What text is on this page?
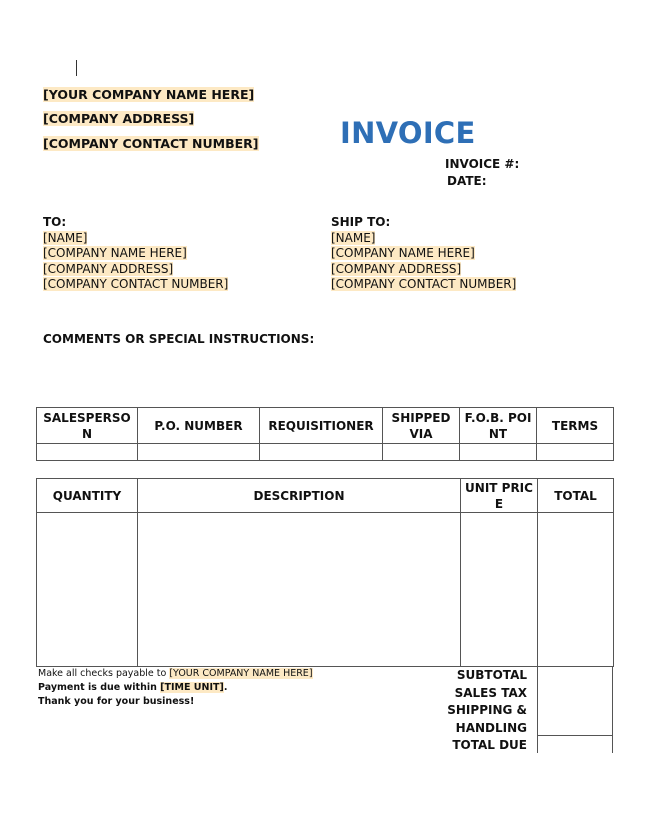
[YOUR COMPANY NAME HERE]
[COMPANY ADDRESS]
[COMPANY CONTACT NUMBER]	INVOICE
INVOICE #:
DATE:
TO:
[NAME]
[COMPANY NAME HERE]
[COMPANY ADDRESS]
[COMPANY CONTACT NUMBER]
SHIP TO:
[NAME]
[COMPANY NAME HERE]
[COMPANY ADDRESS]
[COMPANY CONTACT NUMBER]
COMMENTS OR SPECIAL INSTRUCTIONS:
SALESPERSON	P.O. NUMBER	REQUISITIONER	SHIPPED VIA	F.O.B. POINT	TERMS

QUANTITY	DESCRIPTION	UNIT PRICE	TOTAL

SUBTOTAL
SALES TAX
SHIPPING &
HANDLING
TOTAL DUE
Make all checks payable to [YOUR COMPANY NAME HERE]
Payment is due within [TIME UNIT].
Thank you for your business!
